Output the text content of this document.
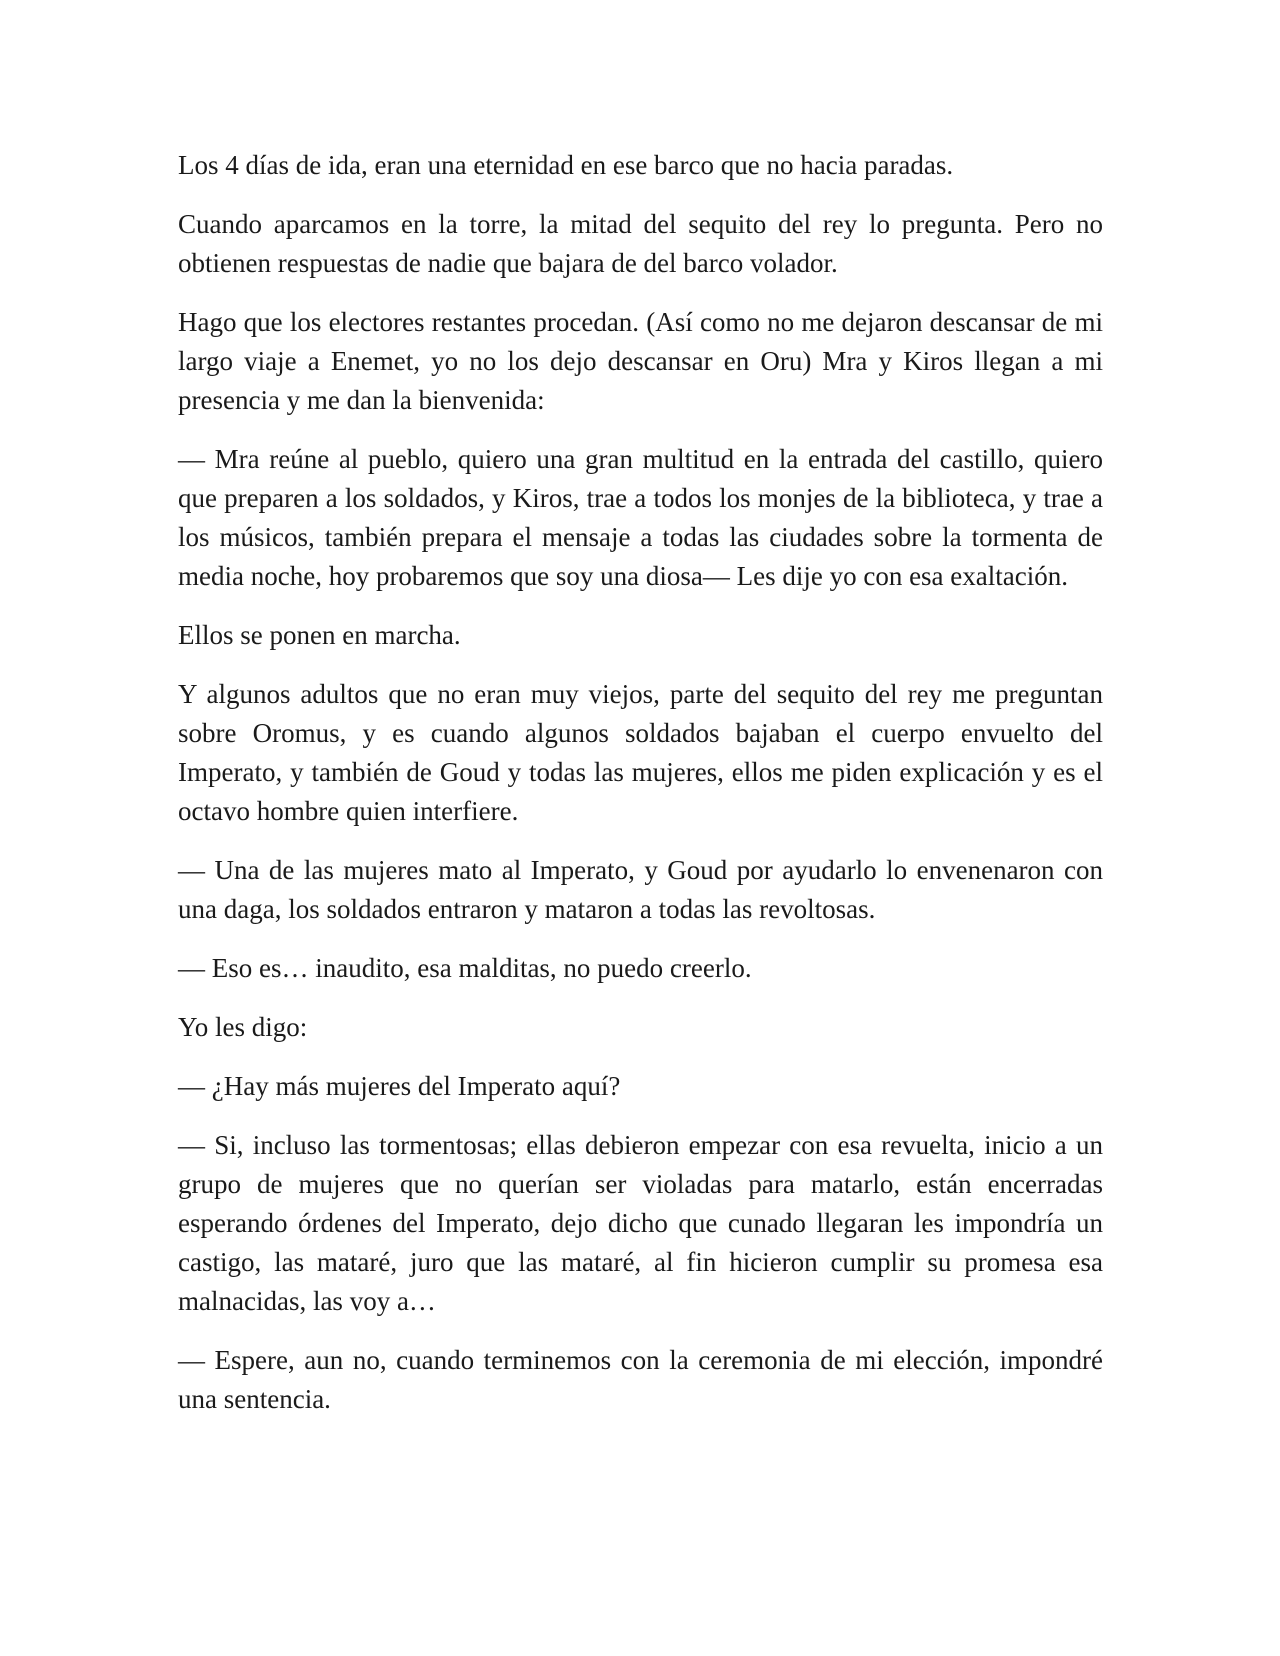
Los 4 días de ida, eran una eternidad en ese barco que no hacia paradas.

Cuando aparcamos en la torre, la mitad del sequito del rey lo pregunta. Pero no obtienen respuestas de nadie que bajara de del barco volador.

Hago que los electores restantes procedan. (Así como no me dejaron descansar de mi largo viaje a Enemet, yo no los dejo descansar en Oru) Mra y Kiros llegan a mi presencia y me dan la bienvenida:

— Mra reúne al pueblo, quiero una gran multitud en la entrada del castillo, quiero que preparen a los soldados, y Kiros, trae a todos los monjes de la biblioteca, y trae a los músicos, también prepara el mensaje a todas las ciudades sobre la tormenta de media noche, hoy probaremos que soy una diosa— Les dije yo con esa exaltación.

Ellos se ponen en marcha.

Y algunos adultos que no eran muy viejos, parte del sequito del rey me preguntan sobre Oromus, y es cuando algunos soldados bajaban el cuerpo envuelto del Imperato, y también de Goud y todas las mujeres, ellos me piden explicación y es el octavo hombre quien interfiere.

— Una de las mujeres mato al Imperato, y Goud por ayudarlo lo envenenaron con una daga, los soldados entraron y mataron a todas las revoltosas.

— Eso es… inaudito, esa malditas, no puedo creerlo.

Yo les digo:

— ¿Hay más mujeres del Imperato aquí?

— Si, incluso las tormentosas; ellas debieron empezar con esa revuelta, inicio a un grupo de mujeres que no querían ser violadas para matarlo, están encerradas esperando órdenes del Imperato, dejo dicho que cunado llegaran les impondría un castigo, las mataré, juro que las mataré, al fin hicieron cumplir su promesa esa malnacidas, las voy a…

— Espere, aun no, cuando terminemos con la ceremonia de mi elección, impondré una sentencia.
